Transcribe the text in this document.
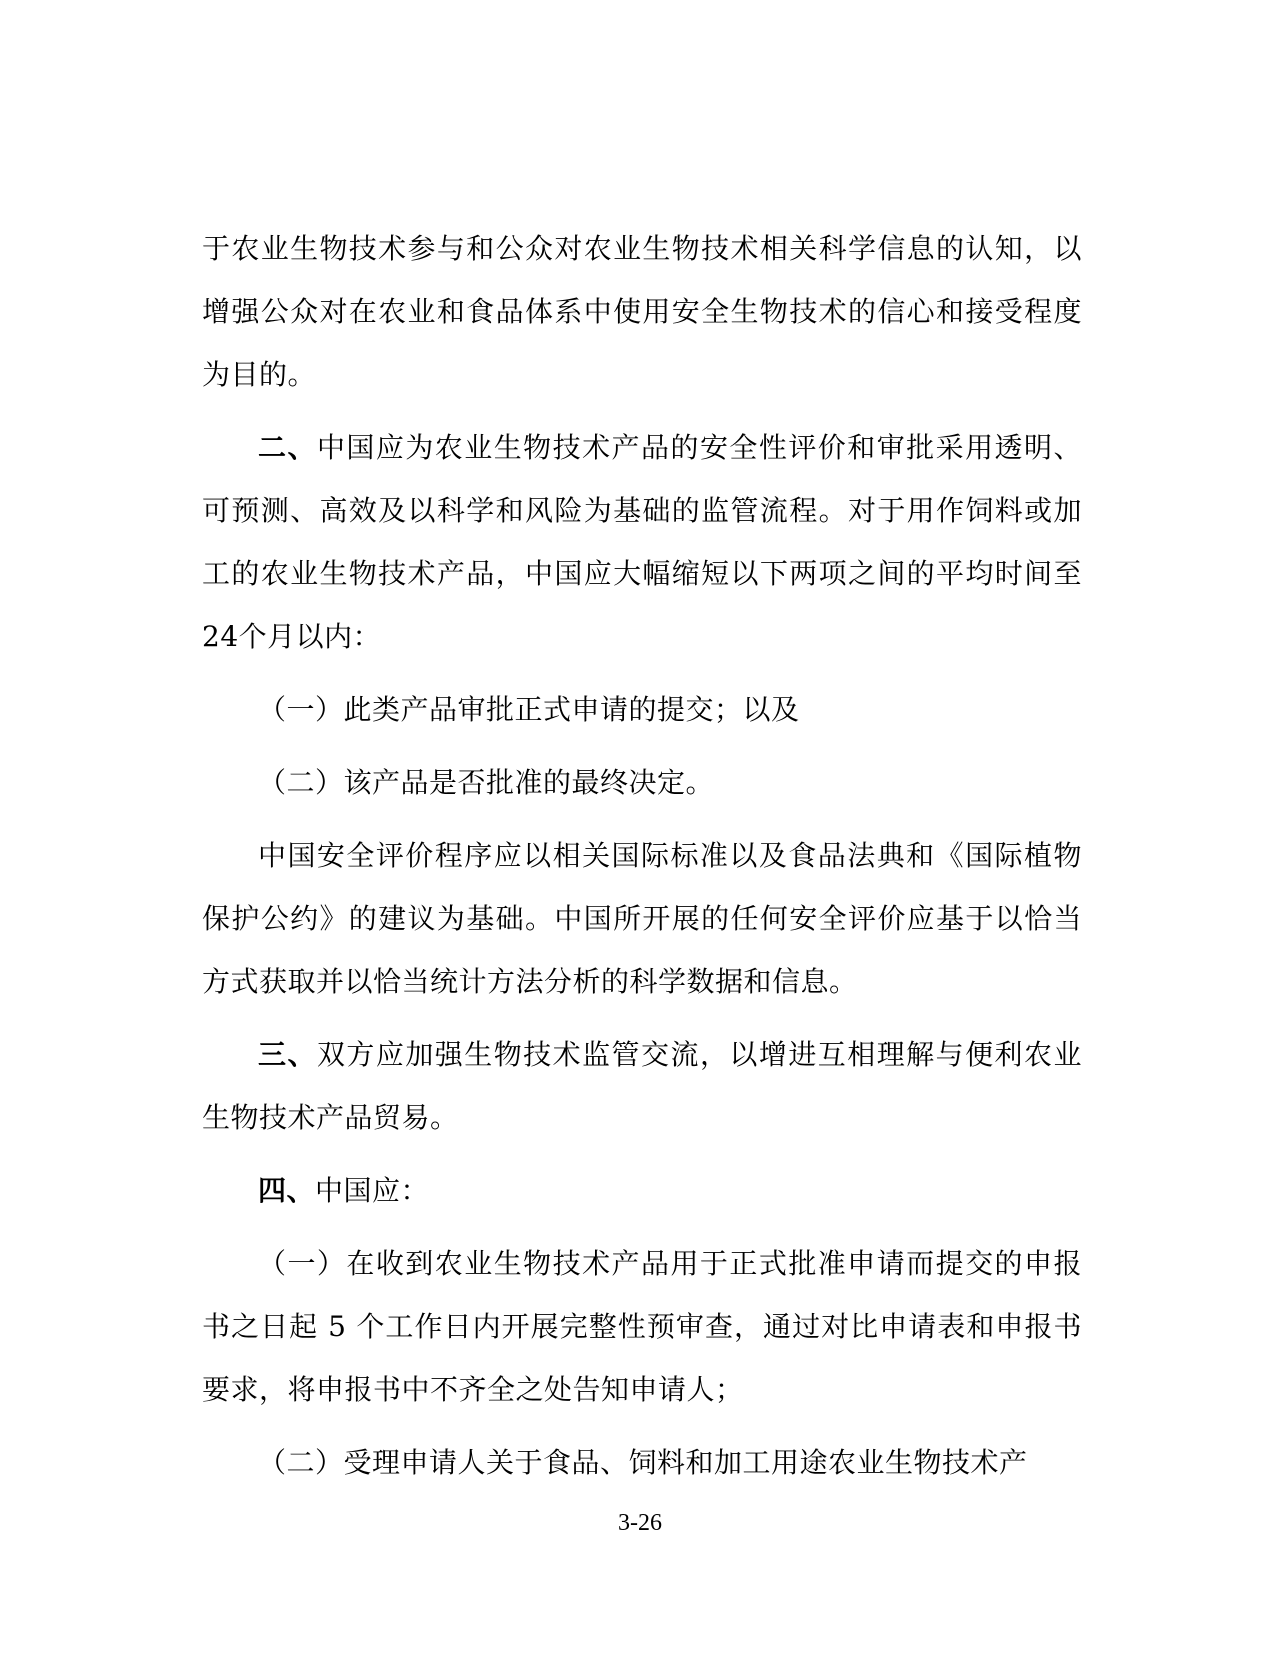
于农业生物技术参与和公众对农业生物技术相关科学信息的认知，以增强公众对在农业和食品体系中使用安全生物技术的信心和接受程度为目的。

二、中国应为农业生物技术产品的安全性评价和审批采用透明、可预测、高效及以科学和风险为基础的监管流程。对于用作饲料或加工的农业生物技术产品，中国应大幅缩短以下两项之间的平均时间至24个月以内：

（一）此类产品审批正式申请的提交；以及

（二）该产品是否批准的最终决定。

中国安全评价程序应以相关国际标准以及食品法典和《国际植物保护公约》的建议为基础。中国所开展的任何安全评价应基于以恰当方式获取并以恰当统计方法分析的科学数据和信息。

三、双方应加强生物技术监管交流，以增进互相理解与便利农业生物技术产品贸易。

四、中国应：

（一）在收到农业生物技术产品用于正式批准申请而提交的申报书之日起 5 个工作日内开展完整性预审查，通过对比申请表和申报书要求，将申报书中不齐全之处告知申请人；

（二）受理申请人关于食品、饲料和加工用途农业生物技术产

3-26
